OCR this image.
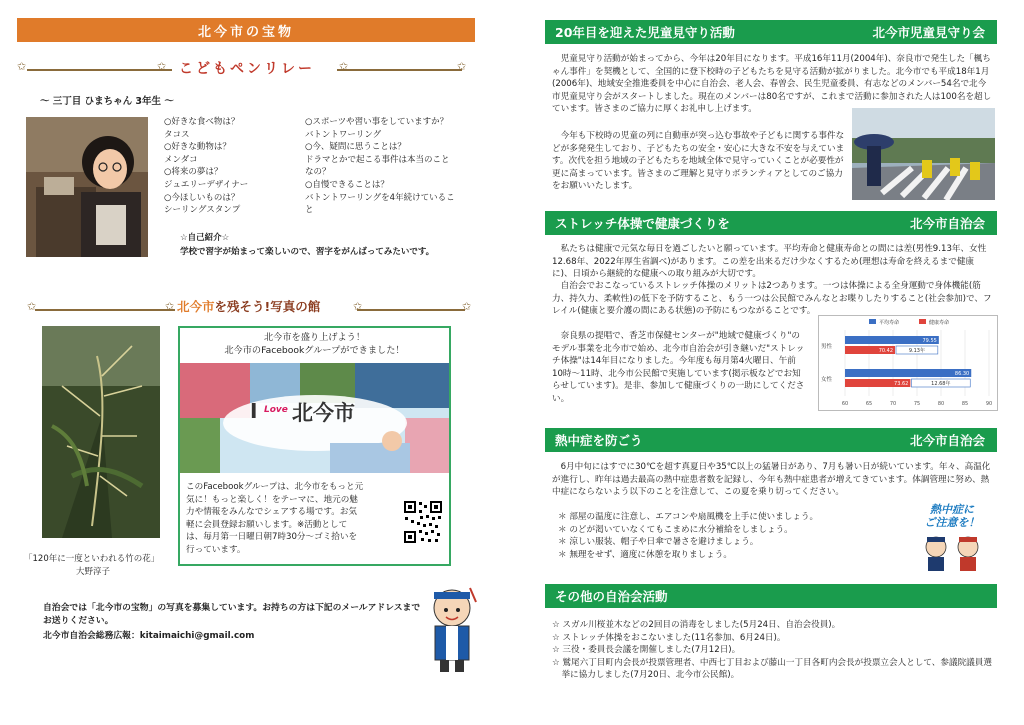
北今市の宝物
✩	✩	✩	✩
こどもペンリレー
～ 三丁目 ひまちゃん 3年生 ～
○好きな食べ物は？
タコス
○好きな動物は？
メンダコ
○将来の夢は？
ジュエリーデザイナー
○今ほしいものは？
シーリングスタンプ
○スポーツや習い事をしていますか？
バトントワーリング
○今、疑問に思うことは？
ドラマとかで起こる事件は本当のこと
なの？
○自慢できることは？
バトントワーリングを4年続けているこ
と
☆自己紹介☆
学校で習字が始まって楽しいので、習字をがんばってみたいです。
✩	✩	✩	✩
北今市を残そう!写真の館
「120年に一度といわれる竹の花」
大野淳子
北今市を盛り上げよう！
北今市のFacebookグループができました！
I Love 北今市
このFacebookグループは、北今市をもっと元気に！もっと楽しく！をテーマに、地元の魅力や情報をみんなでシェアする場です。お気軽に会員登録お願いします。※活動としては、毎月第一日曜日朝7時30分～ゴミ拾いを行っています。
自治会では「北今市の宝物」の写真を募集しています。お持ちの方は下記のメールアドレスまでお送りください。
北今市自治会総務広報：kitaimaichi@gmail.com
20年目を迎えた児童見守り活動	北今市児童見守り会
児童見守り活動が始まってから、今年は20年目になります。平成16年11月(2004年)、奈良市で発生した「楓ちゃん事件」を契機として、全国的に登下校時の子どもたちを見守る活動が拡がりました。北今市でも平成18年1月(2006年)、地域安全推進委員を中心に自治会、老人会、春曽会、民生児童委員、有志などのメンバー54名で北今市児童見守り会がスタートしました。現在のメンバーは80名ですが、これまで活動に参加された人は100名を超しています。皆さまのご協力に厚くお礼申し上げます。
今年も下校時の児童の列に自動車が突っ込む事故や子どもに関する事件などが多発発生しており、子どもたちの安全・安心に大きな不安を与えています。次代を担う地域の子どもたちを地域全体で見守っていくことが必要性が更に高まっています。皆さまのご理解と見守りボランティアとしてのご協力をお願いいたします。
ストレッチ体操で健康づくりを	北今市自治会
私たちは健康で元気な毎日を過ごしたいと願っています。平均寿命と健康寿命との間には差(男性9.13年、女性12.68年、2022年厚生省調べ)があります。この差を出来るだけ少なくするため(理想は寿命を終えるまで健康に)、日頃から継続的な健康への取り組みが大切です。
自治会でおこなっているストレッチ体操のメリットは2つあります。一つは体操による全身運動で身体機能(筋力、持久力、柔軟性)の低下を予防すること、もう一つは公民館でみんなとお喋りしたりすること(社会参加)で、フレイル(健康と要介護の間にある状態)の予防にもつながることです。
奈良県の提唱で、香芝市保健センターが"地域で健康づくり"のモデル事業を北今市で始め、北今市自治会が引き継いだ"ストレッチ体操"は14年目になりました。今年度も毎月第4火曜日、午前10時～11時、北今市公民館で実施しています(掲示板などでお知らせしています)。是非、参加して健康づくりの一助にしてください。
平均寿命	健康寿命
60	65	70	75	80	85	90
男性
79.55
70.42	9.13年
女性
86.30
73.62	12.68年
熱中症を防ごう	北今市自治会
6月中旬にはすでに30℃を超す真夏日や35℃以上の猛暑日があり、7月も暑い日が続いています。年々、高温化が進行し、昨年は過去最高の熱中症患者数を記録し、今年も熱中症患者が増えてきています。体調管理に努め、熱中症にならないよう以下のことを注意して、この夏を乗り切ってください。
＊ 部屋の温度に注意し、エアコンや扇風機を上手に使いましょう。
＊ のどが渇いていなくてもこまめに水分補給をしましょう。
＊ 涼しい服装、帽子や日傘で暑さを避けましょう。
＊ 無理をせず、適度に休憩を取りましょう。
熱中症に
ご注意を！
その他の自治会活動
☆ スガル川桜並木などの2回目の消毒をしました(5月24日、自治会役員)。
☆ ストレッチ体操をおこないました(11名参加、6月24日)。
☆ 三役・委員長会議を開催しました(7月12日)。
☆ 鷲尾六丁目町内会長が投票管理者、中西七丁目および藤山一丁目各町内会長が投票立会人として、参議院議員選挙に協力しました(7月20日、北今市公民館)。
